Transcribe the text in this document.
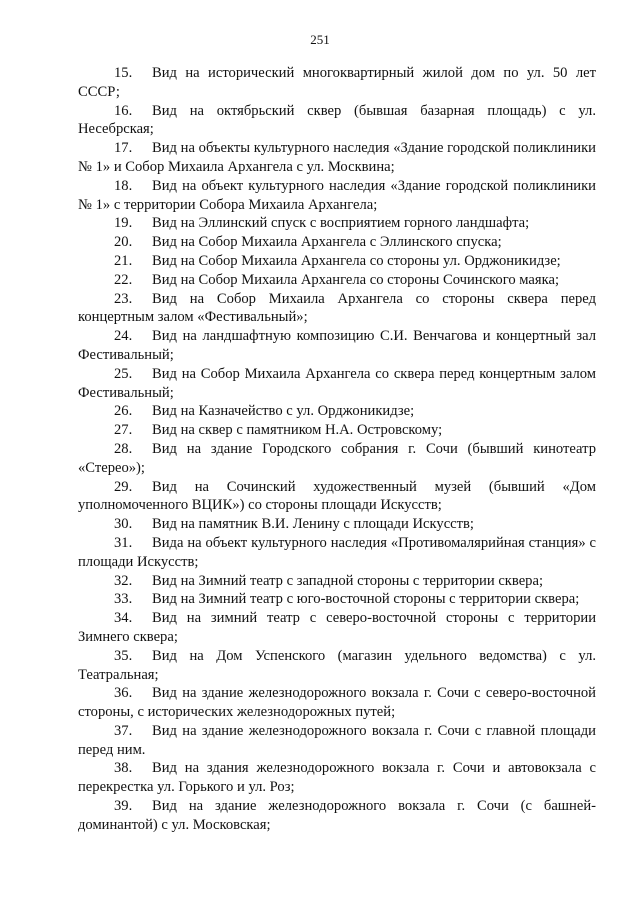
251

15. Вид на исторический многоквартирный жилой дом по ул. 50 лет СССР;

16. Вид на октябрьский сквер (бывшая базарная площадь) с ул. Несебрская;

17. Вид на объекты культурного наследия «Здание городской поликлиники № 1» и Собор Михаила Архангела с ул. Москвина;

18. Вид на объект культурного наследия «Здание городской поликлиники № 1» с территории Собора Михаила Архангела;

19. Вид на Эллинский спуск с восприятием горного ландшафта;

20. Вид на Собор Михаила Архангела с Эллинского спуска;

21. Вид на Собор Михаила Архангела со стороны ул. Орджоникидзе;

22. Вид на Собор Михаила Архангела со стороны Сочинского маяка;

23. Вид на Собор Михаила Архангела со стороны сквера перед концертным залом «Фестивальный»;

24. Вид на ландшафтную композицию С.И. Венчагова и концертный зал Фестивальный;

25. Вид на Собор Михаила Архангела со сквера перед концертным залом Фестивальный;

26. Вид на Казначейство с ул. Орджоникидзе;

27. Вид на сквер с памятником Н.А. Островскому;

28. Вид на здание Городского собрания г. Сочи (бывший кинотеатр «Стерео»);

29. Вид на Сочинский художественный музей (бывший «Дом уполномоченного ВЦИК») со стороны площади Искусств;

30. Вид на памятник В.И. Ленину с площади Искусств;

31. Вида на объект культурного наследия «Противомалярийная станция» с площади Искусств;

32. Вид на Зимний театр с западной стороны с территории сквера;

33. Вид на Зимний театр с юго-восточной стороны с территории сквера;

34. Вид на зимний театр с северо-восточной стороны с территории Зимнего сквера;

35. Вид на Дом Успенского (магазин удельного ведомства) с ул. Театральная;

36. Вид на здание железнодорожного вокзала г. Сочи с северо-восточной стороны, с исторических железнодорожных путей;

37. Вид на здание железнодорожного вокзала г. Сочи с главной площади перед ним.

38. Вид на здания железнодорожного вокзала г. Сочи и автовокзала с перекрестка ул. Горького и ул. Роз;

39. Вид на здание железнодорожного вокзала г. Сочи (с башней-доминантой) с ул. Московская;
